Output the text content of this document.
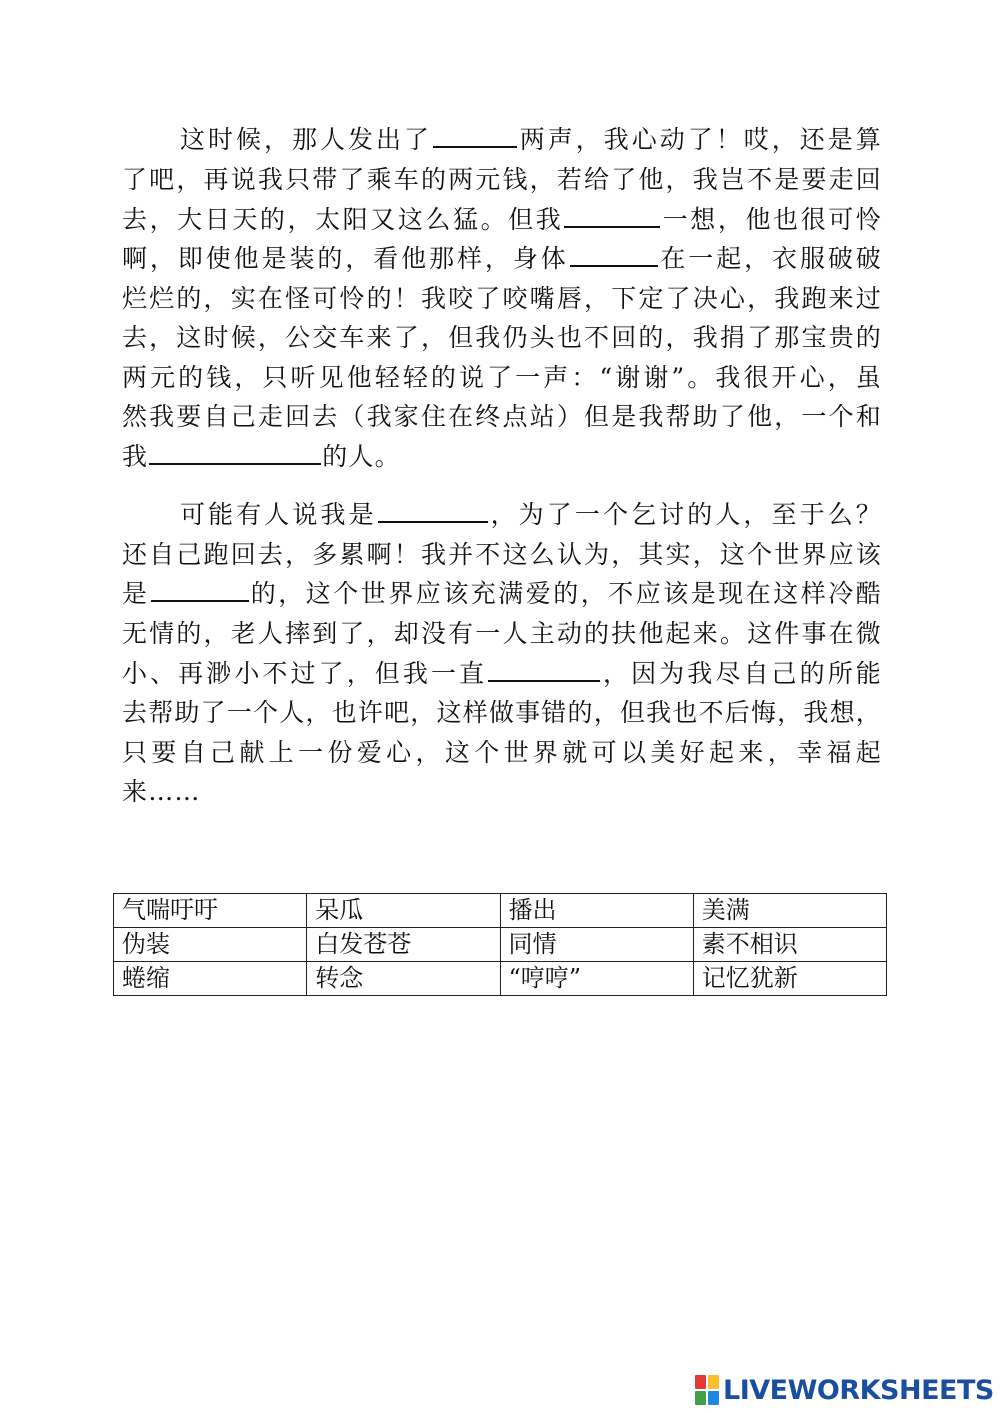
这时候，那人发出了	两声，我心动了！哎，还是算
了吧，再说我只带了乘车的两元钱，若给了他，我岂不是要走回
去，大日天的，太阳又这么猛。但我	一想，他也很可怜
啊，即使他是装的，看他那样，身体	在一起，衣服破破
烂烂的，实在怪可怜的！我咬了咬嘴唇，下定了决心，我跑来过
去，这时候，公交车来了，但我仍头也不回的，我捐了那宝贵的
两元的钱，只听见他轻轻的说了一声：“谢谢”。我很开心，虽
然我要自己走回去（我家住在终点站）但是我帮助了他，一个和
我	的人。
可能有人说我是	，为了一个乞讨的人，至于么？
还自己跑回去，多累啊！我并不这么认为，其实，这个世界应该
是	的，这个世界应该充满爱的，不应该是现在这样冷酷
无情的，老人摔到了，却没有一人主动的扶他起来。这件事在微
小、再渺小不过了，但我一直	，因为我尽自己的所能
去帮助了一个人，也许吧，这样做事错的，但我也不后悔，我想，
只要自己献上一份爱心，这个世界就可以美好起来，幸福起
来……
气喘吁吁	呆瓜	播出	美满
伪装	白发苍苍	同情	素不相识
蜷缩	转念	“哼哼”	记忆犹新
LIVEWORKSHEETS
